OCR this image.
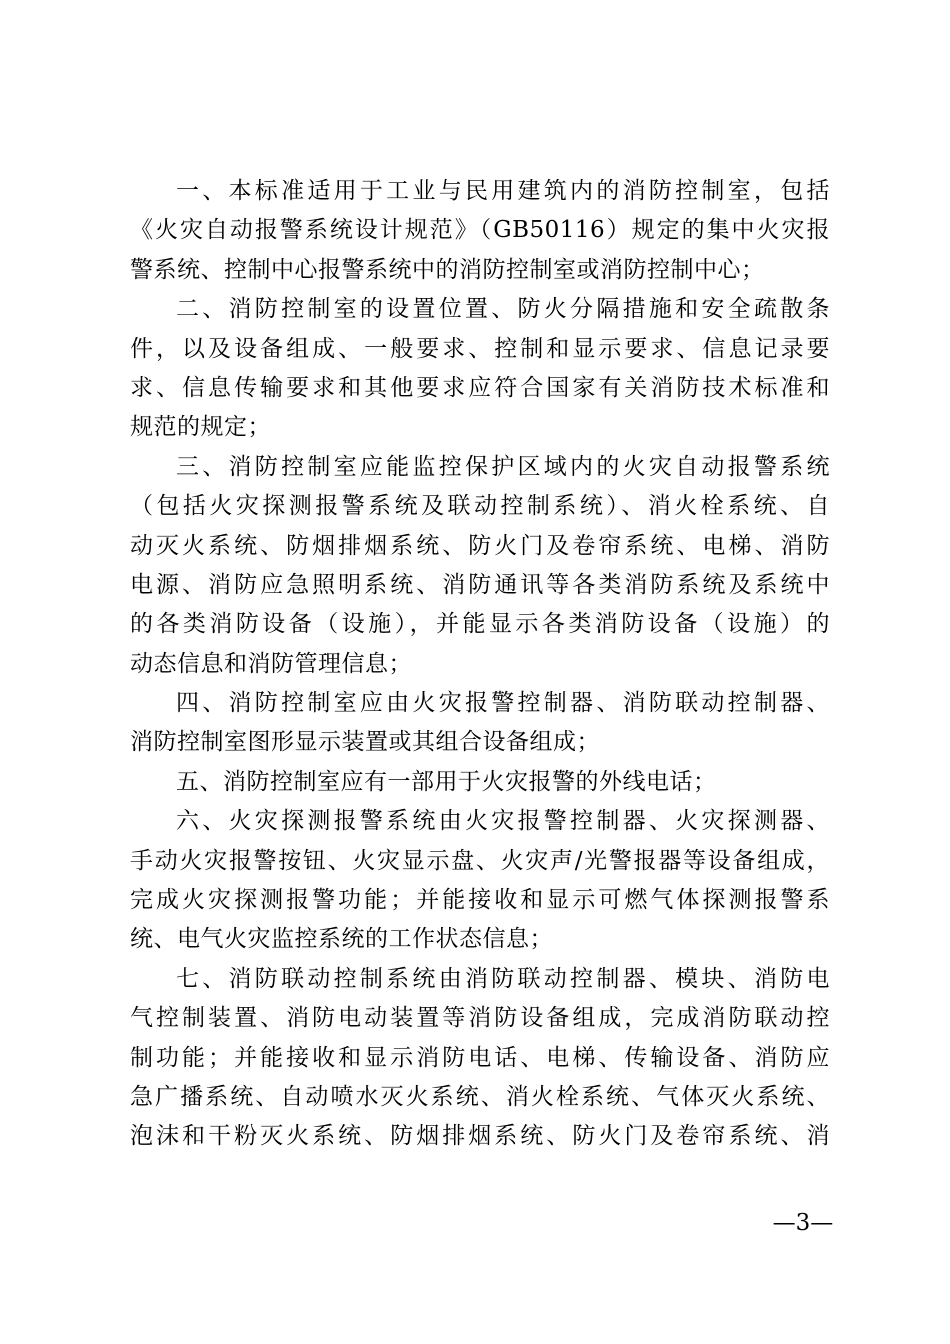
一、本标准适用于工业与民用建筑内的消防控制室，包括
《火灾自动报警系统设计规范》（GB50116）规定的集中火灾报
警系统、控制中心报警系统中的消防控制室或消防控制中心；
二、消防控制室的设置位置、防火分隔措施和安全疏散条
件，以及设备组成、一般要求、控制和显示要求、信息记录要
求、信息传输要求和其他要求应符合国家有关消防技术标准和
规范的规定；
三、消防控制室应能监控保护区域内的火灾自动报警系统
（包括火灾探测报警系统及联动控制系统）、消火栓系统、自
动灭火系统、防烟排烟系统、防火门及卷帘系统、电梯、消防
电源、消防应急照明系统、消防通讯等各类消防系统及系统中
的各类消防设备（设施），并能显示各类消防设备（设施）的
动态信息和消防管理信息；
四、消防控制室应由火灾报警控制器、消防联动控制器、
消防控制室图形显示装置或其组合设备组成；
五、消防控制室应有一部用于火灾报警的外线电话；
六、火灾探测报警系统由火灾报警控制器、火灾探测器、
手动火灾报警按钮、火灾显示盘、火灾声/光警报器等设备组成，
完成火灾探测报警功能；并能接收和显示可燃气体探测报警系
统、电气火灾监控系统的工作状态信息；
七、消防联动控制系统由消防联动控制器、模块、消防电
气控制装置、消防电动装置等消防设备组成，完成消防联动控
制功能；并能接收和显示消防电话、电梯、传输设备、消防应
急广播系统、自动喷水灭火系统、消火栓系统、气体灭火系统、
泡沫和干粉灭火系统、防烟排烟系统、防火门及卷帘系统、消
—3—
